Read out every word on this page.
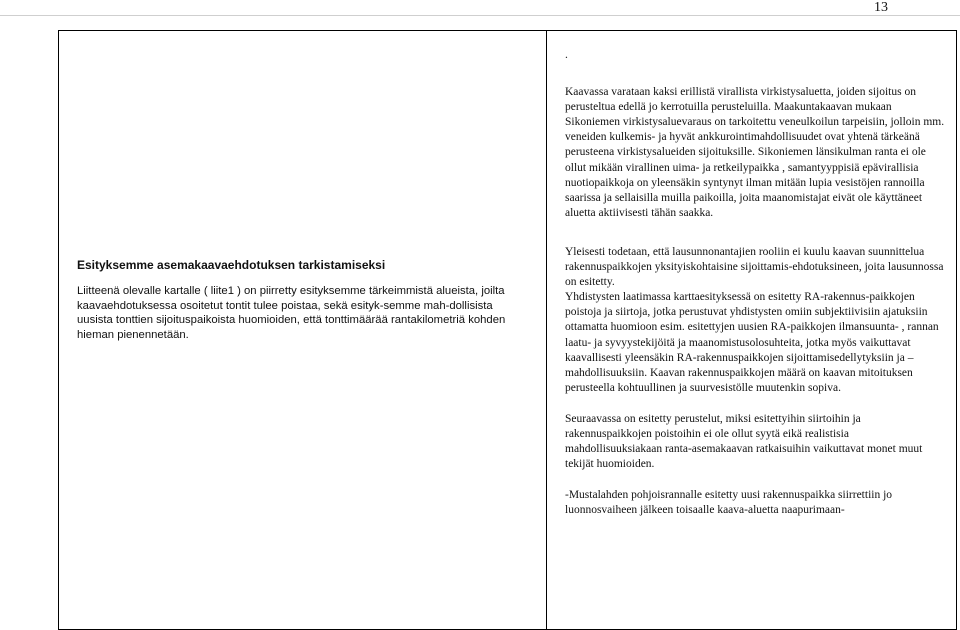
13
Esityksemme asemakaavaehdotuksen tarkistamiseksi

Liitteenä olevalle kartalle ( liite1 ) on piirretty esityksemme tärkeimmistä alueista, joilta kaavaehdotuksessa osoitetut tontit tulee poistaa, sekä esityk-semme mah-dollisista uusista tonttien sijoituspaikoista huomioiden, että tonttimäärää rantakilometriä kohden hieman pienennetään.

.

Kaavassa varataan kaksi erillistä virallista virkistysaluetta, joiden sijoitus on perusteltua edellä jo kerrotuilla perusteluilla. Maakuntakaavan mukaan Sikoniemen virkistysaluevaraus on tarkoitettu veneulkoilun tarpeisiin, jolloin mm. veneiden kulkemis- ja hyvät ankkurointimahdollisuudet ovat yhtenä tärkeänä perusteena virkistysalueiden sijoituksille. Sikoniemen länsikulman ranta ei ole ollut mikään virallinen uima- ja retkeilypaikka , samantyyppisiä epävirallisia nuotiopaikkoja on yleensäkin syntynyt ilman mitään lupia vesistöjen rannoilla saarissa ja sellaisilla muilla paikoilla, joita maanomistajat eivät ole käyttäneet aluetta aktiivisesti tähän saakka.

Yleisesti todetaan, että lausunnonantajien rooliin ei kuulu kaavan suunnittelua rakennuspaikkojen yksityiskohtaisine sijoittamis-ehdotuksineen, joita lausunnossa on esitetty.

Yhdistysten laatimassa karttaesityksessä on esitetty RA-rakennus-paikkojen poistoja ja siirtoja, jotka perustuvat yhdistysten omiin subjektiivisiin ajatuksiin ottamatta huomioon esim. esitettyjen uusien RA-paikkojen ilmansuunta- , rannan laatu- ja syvyystekijöitä ja maanomistusolosuhteita, jotka myös vaikuttavat kaavallisesti yleensäkin RA-rakennuspaikkojen sijoittamisedellytyksiin ja – mahdollisuuksiin. Kaavan rakennuspaikkojen määrä on kaavan mitoituksen perusteella kohtuullinen ja suurvesistölle muutenkin sopiva.

Seuraavassa on esitetty perustelut, miksi esitettyihin siirtoihin ja rakennuspaikkojen poistoihin ei ole ollut syytä eikä realistisia mahdollisuuksiakaan ranta-asemakaavan ratkaisuihin vaikuttavat monet muut tekijät huomioiden.

-Mustalahden pohjoisrannalle esitetty uusi rakennuspaikka siirrettiin jo luonnosvaiheen jälkeen toisaalle kaava-aluetta naapurimaan-
